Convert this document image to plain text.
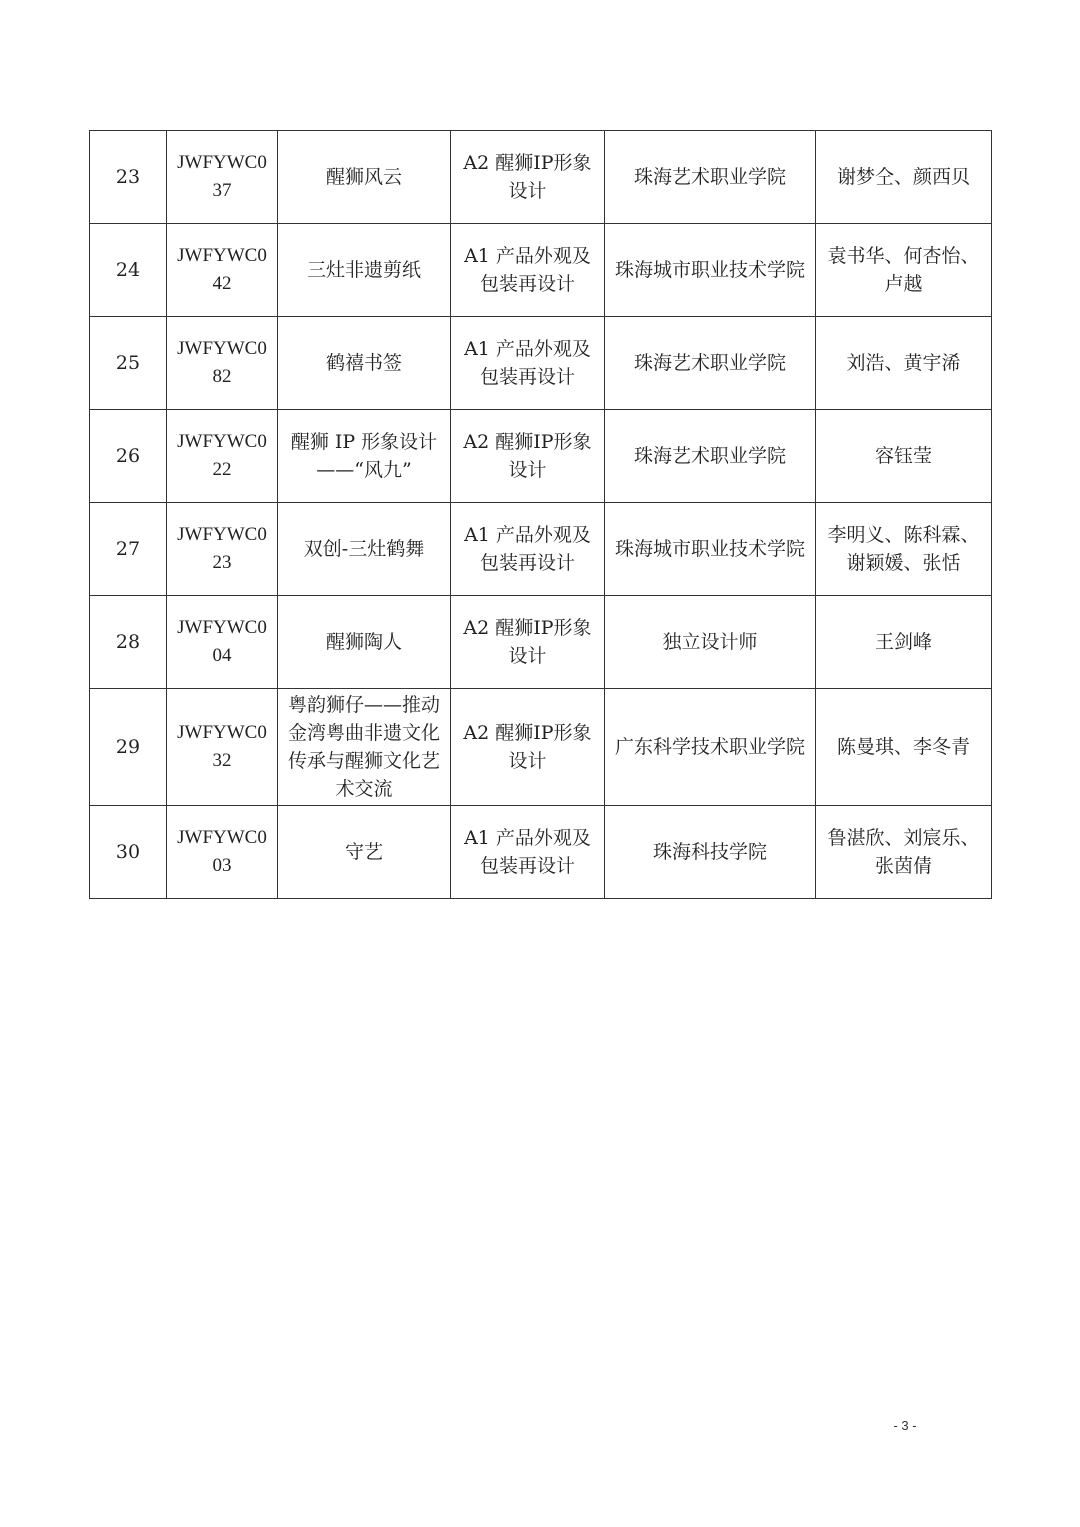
23	JWFYWC037	醒狮风云	A2 醒狮IP形象设计	珠海艺术职业学院	谢梦仝、颜西贝
24	JWFYWC042	三灶非遗剪纸	A1 产品外观及包装再设计	珠海城市职业技术学院	袁书华、何杏怡、卢越
25	JWFYWC082	鹤禧书签	A1 产品外观及包装再设计	珠海艺术职业学院	刘浩、黄宇浠
26	JWFYWC022	醒狮 IP 形象设计——“风九”	A2 醒狮IP形象设计	珠海艺术职业学院	容钰莹
27	JWFYWC023	双创-三灶鹤舞	A1 产品外观及包装再设计	珠海城市职业技术学院	李明义、陈科霖、谢颖媛、张恬
28	JWFYWC004	醒狮陶人	A2 醒狮IP形象设计	独立设计师	王剑峰
29	JWFYWC032	粤韵狮仔——推动金湾粤曲非遗文化传承与醒狮文化艺术交流	A2 醒狮IP形象设计	广东科学技术职业学院	陈曼琪、李冬青
30	JWFYWC003	守艺	A1 产品外观及包装再设计	珠海科技学院	鲁湛欣、刘宸乐、张茵倩
- 3 -
